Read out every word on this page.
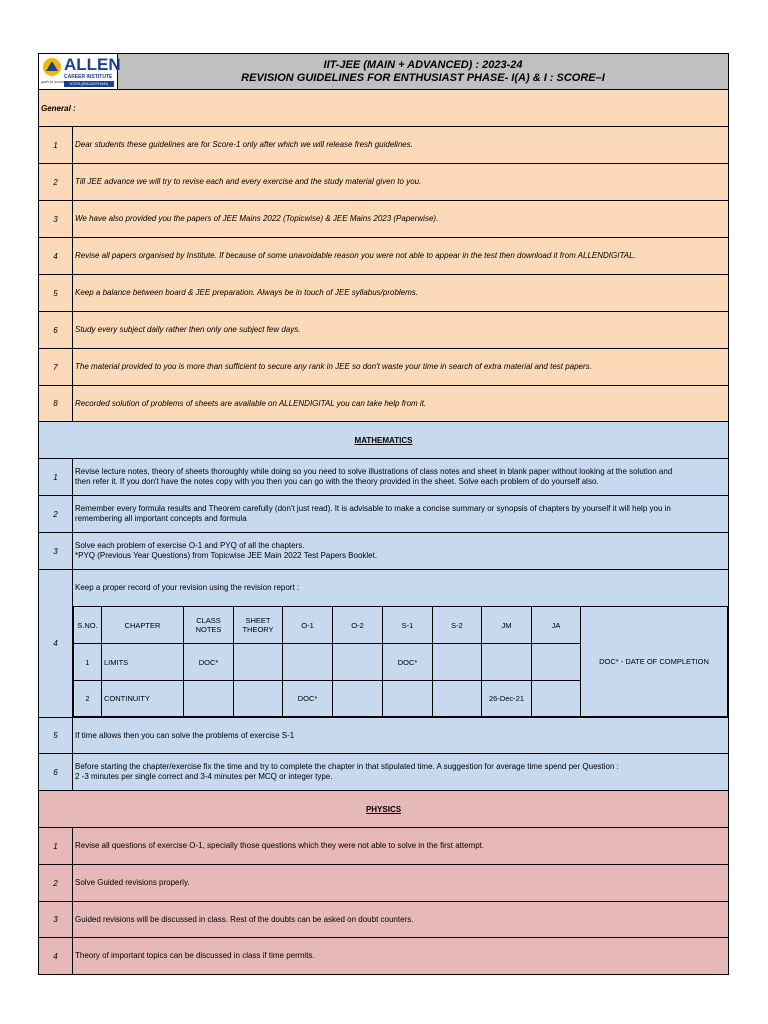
ALLEN
CAREER INSTITUTE
KOTA (RAJASTHAN)
path to success

IIT-JEE (MAIN + ADVANCED) : 2023-24
REVISION GUIDELINES FOR ENTHUSIAST PHASE- I(A) & I : SCORE–I

General :
1	Dear students these guidelines are for Score-1 only after which we will release fresh guidelines.
2	Till JEE advance we will try to revise each and every exercise and the study material given to you.
3	We have also provided you the papers of JEE Mains 2022 (Topicwise) & JEE Mains 2023 (Paperwise).
4	Revise all papers organised by Institute. If because of some unavoidable reason you were not able to appear in the test then download it from ALLENDIGITAL.
5	Keep a balance between board & JEE preparation. Always be in touch of JEE syllabus/problems.
6	Study every subject daily rather then only one subject few days.
7	The material provided to you is more than sufficient to secure any rank in JEE so don't waste your time in search of extra material and test papers.
8	Recorded solution of problems of sheets are available on ALLENDIGITAL you can take help from it.
MATHEMATICS
1	
Revise lecture notes, theory of sheets thoroughly while doing so you need to solve illustrations of class notes and sheet in blank paper without looking at the solution and
then refer it. If you don't have the notes copy with you then you can go with the theory provided in the sheet. Solve each problem of do yourself also.

2	
Remember every formula results and Theorem carefully (don't just read). It is advisable to make a concise summary or synopsis of chapters by yourself it will help you in
remembering all important concepts and formula

3	
Solve each problem of exercise O-1 and PYQ of all the chapters.
*PYQ (Previous Year Questions) from Topicwise JEE Main 2022 Test Papers Booklet.

4	
Keep a proper record of your revision using the revision report :
S.NO.	CHAPTER	CLASS NOTES	SHEET THEORY	O-1	O-2	S-1	S-2	JM	JA	DOC* - DATE OF COMPLETION
1	LIMITS	DOC*				DOC*			
2	CONTINUITY			DOC*				26-Dec-21	

5	If time allows then you can solve the problems of exercise S-1
6	
Before starting the chapter/exercise fix the time and try to complete the chapter in that stipulated time. A suggestion for average time spend per Question :
2 -3 minutes per single correct and 3-4 minutes per MCQ or integer type.

PHYSICS
1	Revise all questions of exercise O-1, specially those questions which they were not able to solve in the first attempt.
2	Solve Guided revisions properly.
3	Guided revisions will be discussed in class. Rest of the doubts can be asked on doubt counters.
4	Theory of important topics can be discussed in class if time permits.
